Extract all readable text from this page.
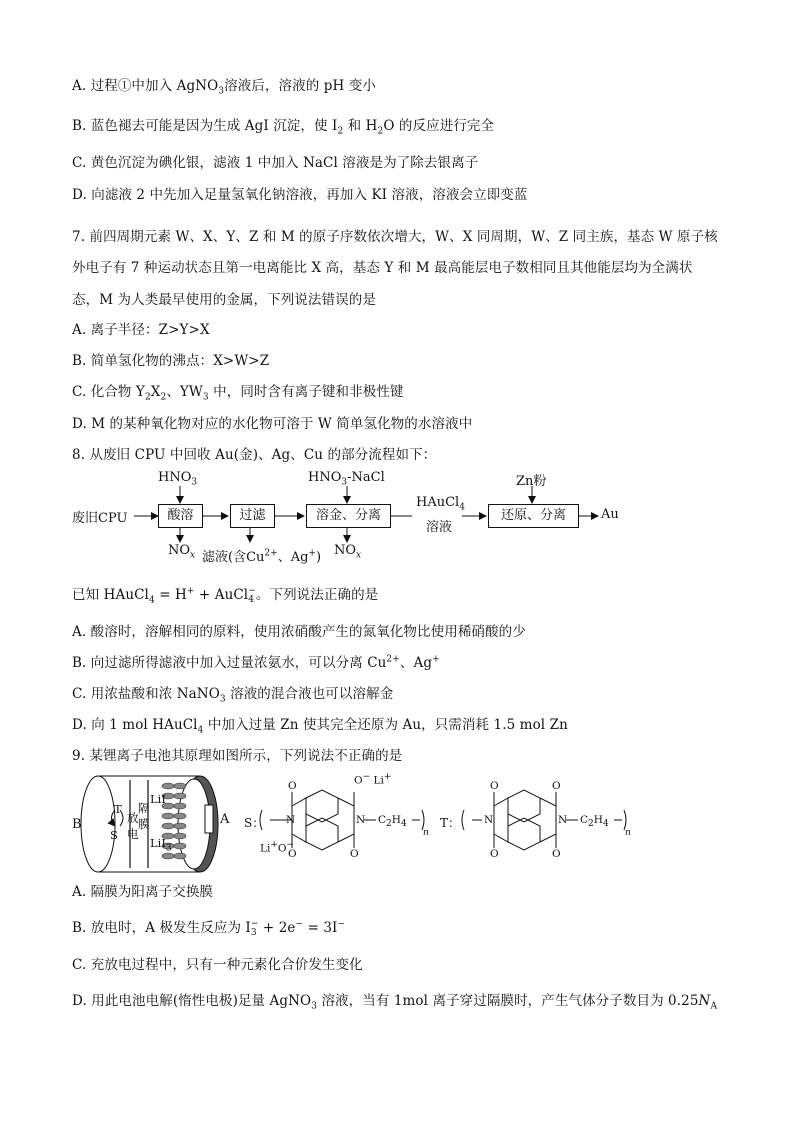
A. 过程①中加入 AgNO$_3$溶液后，溶液的 pH 变小
B. 蓝色褪去可能是因为生成 AgI 沉淀，使 $I_2$ 和 $H_2O$ 的反应进行完全
C. 黄色沉淀为碘化银，滤液 1 中加入 NaCl 溶液是为了除去银离子
D. 向滤液 2 中先加入足量氢氧化钠溶液，再加入 KI 溶液，溶液会立即变蓝
7. 前四周期元素 W、X、Y、Z 和 M 的原子序数依次增大，W、X 同周期，W、Z 同主族，基态 W 原子核
外电子有 7 种运动状态且第一电离能比 X 高，基态 Y 和 M 最高能层电子数相同且其他能层均为全满状
态，M 为人类最早使用的金属，下列说法错误的是
A. 离子半径：Z>Y>X
B. 简单氢化物的沸点：X>W>Z
C. 化合物 $Y_2X_2$、$YW_3$ 中，同时含有离子键和非极性键
D. M 的某种氧化物对应的水化物可溶于 W 简单氢化物的水溶液中
8. 从废旧 CPU 中回收 Au(金)、Ag、Cu 的部分流程如下：
废旧CPU
$HNO_3$
酸溶
$NO_x$
过滤
滤液(含$Cu^{2+}$、Ag+)
$HNO_3$-NaCl
溶金、分离
$NO_x$
HAuCl$_4$
溶液
Zn粉
还原、分离	Au
已知 HAuCl$_4$ = H+ + AuCl −
4 。下列说法正确的是
A. 酸溶时，溶解相同的原料，使用浓硝酸产生的氮氧化物比使用稀硝酸的少
B. 向过滤所得滤液中加入过量浓氨水，可以分离 $Cu^{2+}$、Ag+
C. 用浓盐酸和浓 NaNO$_3$ 溶液的混合液也可以溶解金
D. 向 1 mol HAuCl$_4$ 中加入过量 Zn 使其完全还原为 Au，只需消耗 1.5 mol Zn
9. 某锂离子电池其原理如图所示，下列说法不正确的是
B	A
T
S
放
电
隔
膜
LiI
LiI$_3$
S：
O
O	O
O− Li+
Li+O−
N	N $C_2H_4$
n
T：
O	O
O	O
N	N $C_2H_4$
n
A. 隔膜为阳离子交换膜
B. 放电时，A 极发生反应为 I −
3 + 2e− = 3I−
C. 充放电过程中，只有一种元素化合价发生变化
D. 用此电池电解(惰性电极)足量 AgNO$_3$ 溶液，当有 1mol 离子穿过隔膜时，产生气体分子数目为 $0.25N_A$
